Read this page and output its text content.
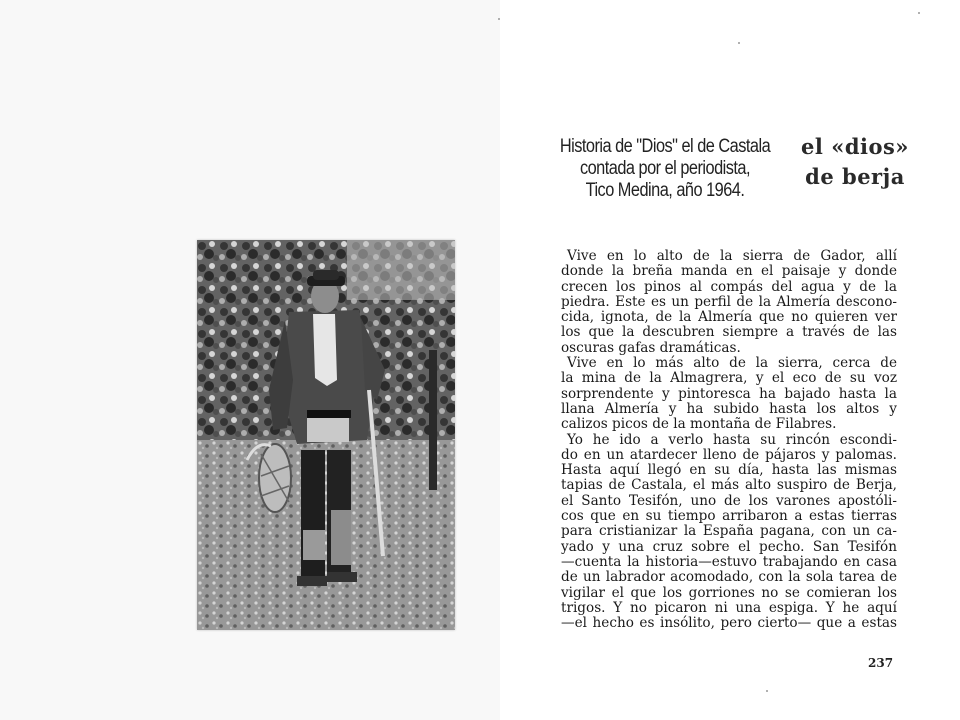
Historia de "Dios" el de Castala
contada por el periodista,
Tico Medina, año 1964.
el «dios»
de berja
Vive en lo alto de la sierra de Gador, allí
donde la breña manda en el paisaje y donde
crecen los pinos al compás del agua y de la
piedra. Este es un perfil de la Almería descono-
cida, ignota, de la Almería que no quieren ver
los que la descubren siempre a través de las
oscuras gafas dramáticas.
Vive en lo más alto de la sierra, cerca de
la mina de la Almagrera, y el eco de su voz
sorprendente y pintoresca ha bajado hasta la
llana Almería y ha subido hasta los altos y
calizos picos de la montaña de Filabres.
Yo he ido a verlo hasta su rincón escondi-
do en un atardecer lleno de pájaros y palomas.
Hasta aquí llegó en su día, hasta las mismas
tapias de Castala, el más alto suspiro de Berja,
el Santo Tesifón, uno de los varones apostóli-
cos que en su tiempo arribaron a estas tierras
para cristianizar la España pagana, con un ca-
yado y una cruz sobre el pecho. San Tesifón
—cuenta la historia—estuvo trabajando en casa
de un labrador acomodado, con la sola tarea de
vigilar el que los gorriones no se comieran los
trigos. Y no picaron ni una espiga. Y he aquí
—el hecho es insólito, pero cierto— que a estas
237
